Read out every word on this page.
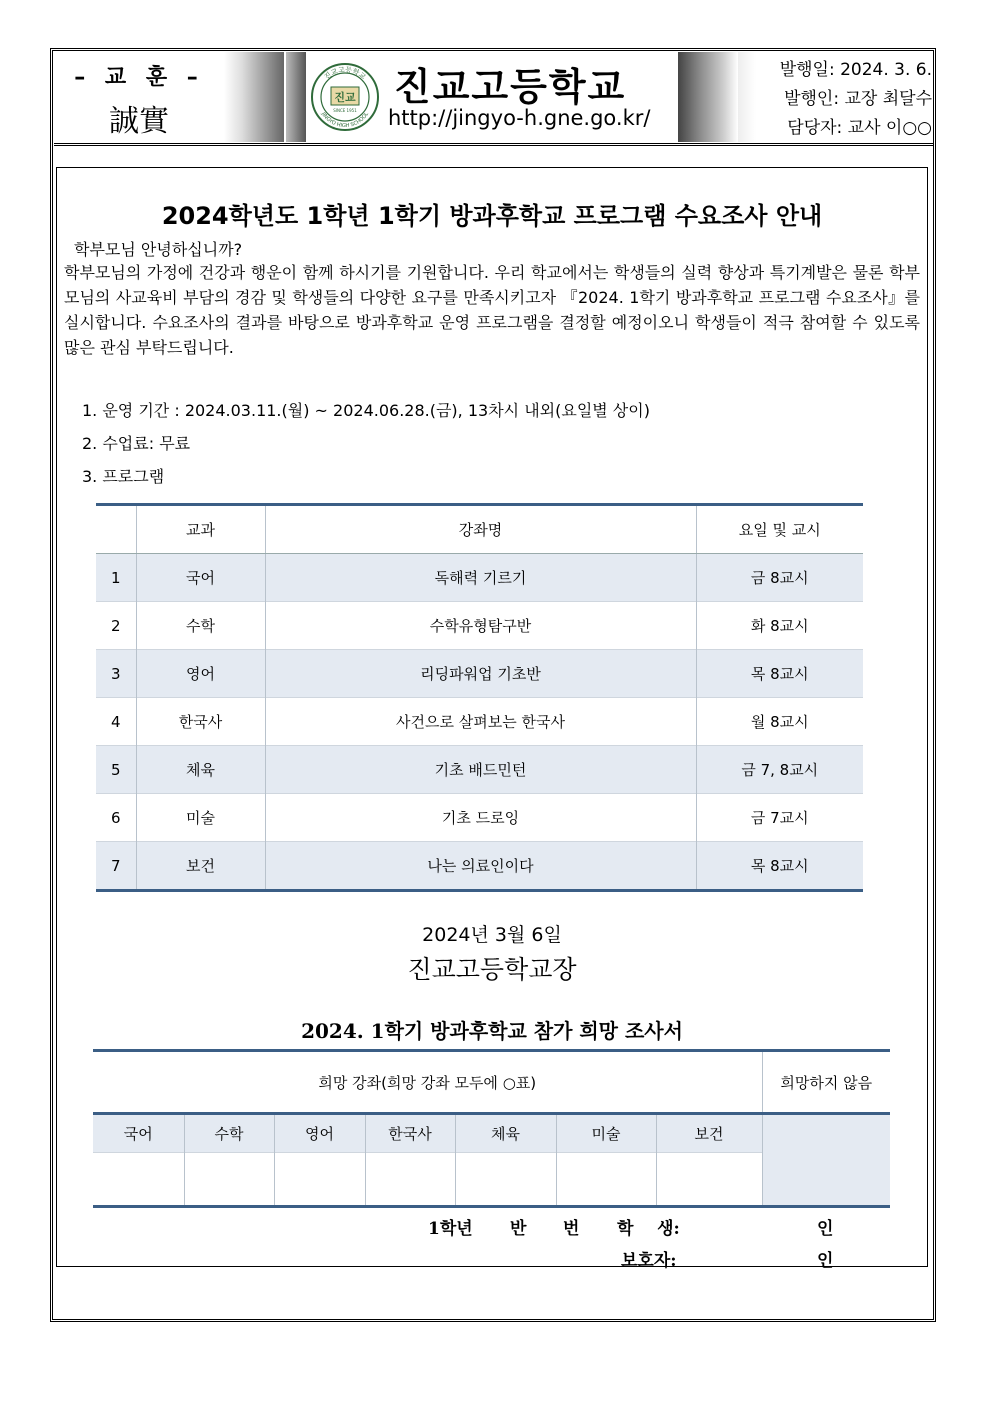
– 교 훈 –
誠實
진교고등학교
JINGYO HIGH SCHOOL
진교
SINCE 1951
진교고등학교
http://jingyo-h.gne.go.kr/
발행일: 2024. 3. 6.
발행인: 교장 최달수
담당자: 교사 이○○
2024학년도 1학년 1학기 방과후학교 프로그램 수요조사 안내
학부모님 안녕하십니까?
학부모님의 가정에 건강과 행운이 함께 하시기를 기원합니다. 우리 학교에서는 학생들의 실력 향상과 특기계발은 물론 학부모님의 사교육비 부담의 경감 및 학생들의 다양한 요구를 만족시키고자 『2024. 1학기 방과후학교 프로그램 수요조사』를 실시합니다. 수요조사의 결과를 바탕으로 방과후학교 운영 프로그램을 결정할 예정이오니 학생들이 적극 참여할 수 있도록 많은 관심 부탁드립니다.
1. 운영 기간 : 2024.03.11.(월) ~ 2024.06.28.(금), 13차시 내외(요일별 상이)
2. 수업료: 무료
3. 프로그램
	교과	강좌명	요일 및 교시
1	국어	독해력 기르기	금 8교시
2	수학	수학유형탐구반	화 8교시
3	영어	리딩파워업 기초반	목 8교시
4	한국사	사건으로 살펴보는 한국사	월 8교시
5	체육	기초 배드민턴	금 7, 8교시
6	미술	기초 드로잉	금 7교시
7	보건	나는 의료인이다	목 8교시
2024년 3월 6일
진교고등학교장
2024. 1학기 방과후학교 참가 희망 조사서
희망 강좌(희망 강좌 모두에 ○표)							희망하지 않음
국어	수학	영어	한국사	체육	미술	보건	

1학년 반 번 학    생:	인
보호자:	인
